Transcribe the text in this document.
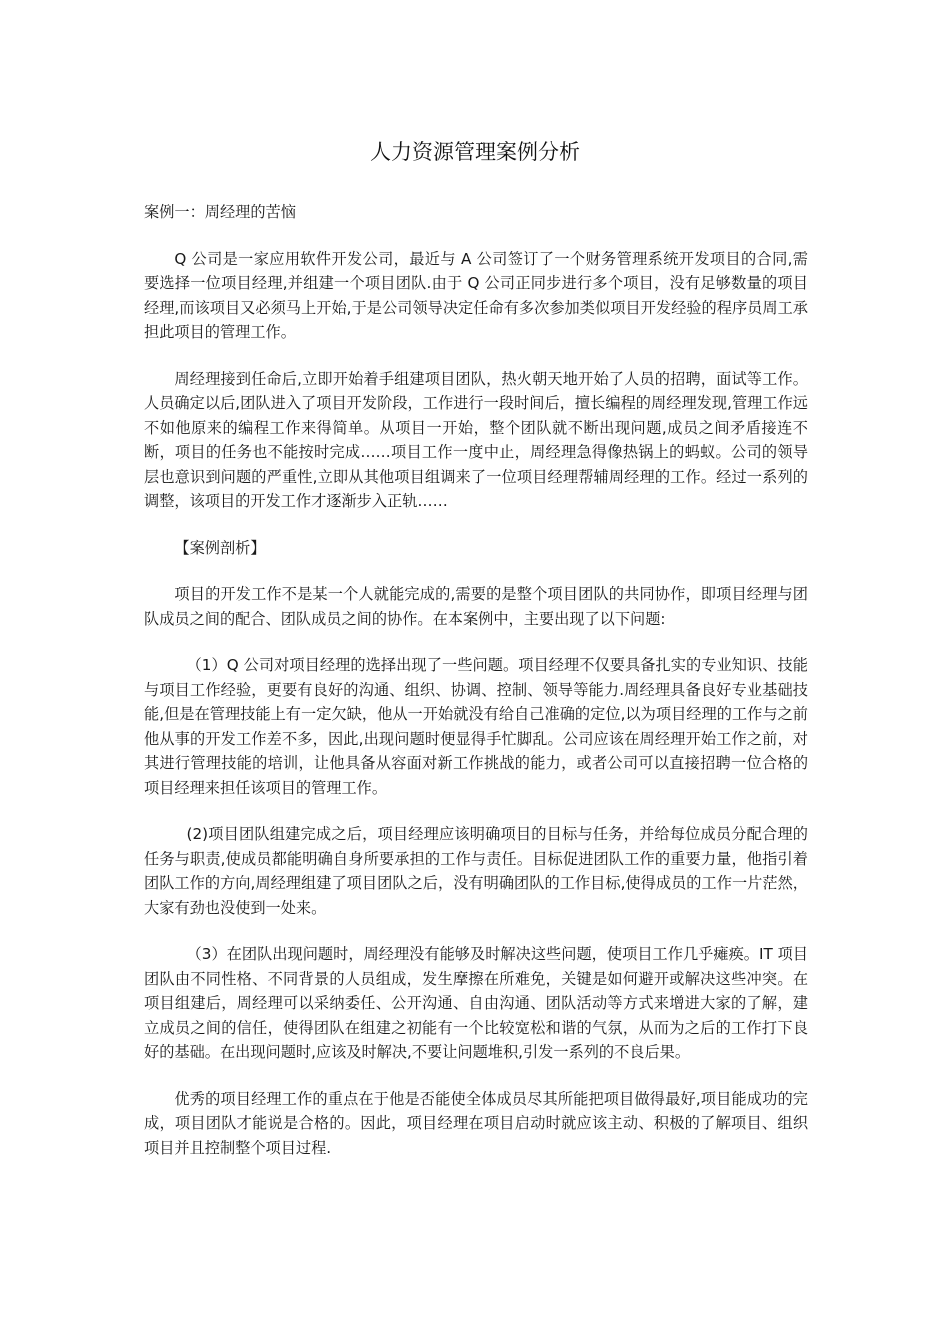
人力资源管理案例分析
案例一：周经理的苦恼

Q 公司是一家应用软件开发公司，最近与 A 公司签订了一个财务管理系统开发项目的合同,需要选择一位项目经理,并组建一个项目团队.由于 Q 公司正同步进行多个项目，没有足够数量的项目经理,而该项目又必须马上开始,于是公司领导决定任命有多次参加类似项目开发经验的程序员周工承担此项目的管理工作。

周经理接到任命后,立即开始着手组建项目团队，热火朝天地开始了人员的招聘，面试等工作。人员确定以后,团队进入了项目开发阶段，工作进行一段时间后，擅长编程的周经理发现,管理工作远不如他原来的编程工作来得简单。从项目一开始，整个团队就不断出现问题,成员之间矛盾接连不断，项目的任务也不能按时完成……项目工作一度中止，周经理急得像热锅上的蚂蚁。公司的领导层也意识到问题的严重性,立即从其他项目组调来了一位项目经理帮辅周经理的工作。经过一系列的调整，该项目的开发工作才逐渐步入正轨……

【案例剖析】

项目的开发工作不是某一个人就能完成的,需要的是整个项目团队的共同协作，即项目经理与团队成员之间的配合、团队成员之间的协作。在本案例中，主要出现了以下问题:

（1）Q 公司对项目经理的选择出现了一些问题。项目经理不仅要具备扎实的专业知识、技能与项目工作经验，更要有良好的沟通、组织、协调、控制、领导等能力.周经理具备良好专业基础技能,但是在管理技能上有一定欠缺，他从一开始就没有给自己准确的定位,以为项目经理的工作与之前他从事的开发工作差不多，因此,出现问题时便显得手忙脚乱。公司应该在周经理开始工作之前，对其进行管理技能的培训，让他具备从容面对新工作挑战的能力，或者公司可以直接招聘一位合格的项目经理来担任该项目的管理工作。

(2)项目团队组建完成之后，项目经理应该明确项目的目标与任务，并给每位成员分配合理的任务与职责,使成员都能明确自身所要承担的工作与责任。目标促进团队工作的重要力量，他指引着团队工作的方向,周经理组建了项目团队之后，没有明确团队的工作目标,使得成员的工作一片茫然，大家有劲也没使到一处来。

（3）在团队出现问题时，周经理没有能够及时解决这些问题，使项目工作几乎瘫痪。IT 项目团队由不同性格、不同背景的人员组成，发生摩擦在所难免，关键是如何避开或解决这些冲突。在项目组建后，周经理可以采纳委任、公开沟通、自由沟通、团队活动等方式来增进大家的了解，建立成员之间的信任，使得团队在组建之初能有一个比较宽松和谐的气氛，从而为之后的工作打下良好的基础。在出现问题时,应该及时解决,不要让问题堆积,引发一系列的不良后果。

优秀的项目经理工作的重点在于他是否能使全体成员尽其所能把项目做得最好,项目能成功的完成，项目团队才能说是合格的。因此，项目经理在项目启动时就应该主动、积极的了解项目、组织项目并且控制整个项目过程.
